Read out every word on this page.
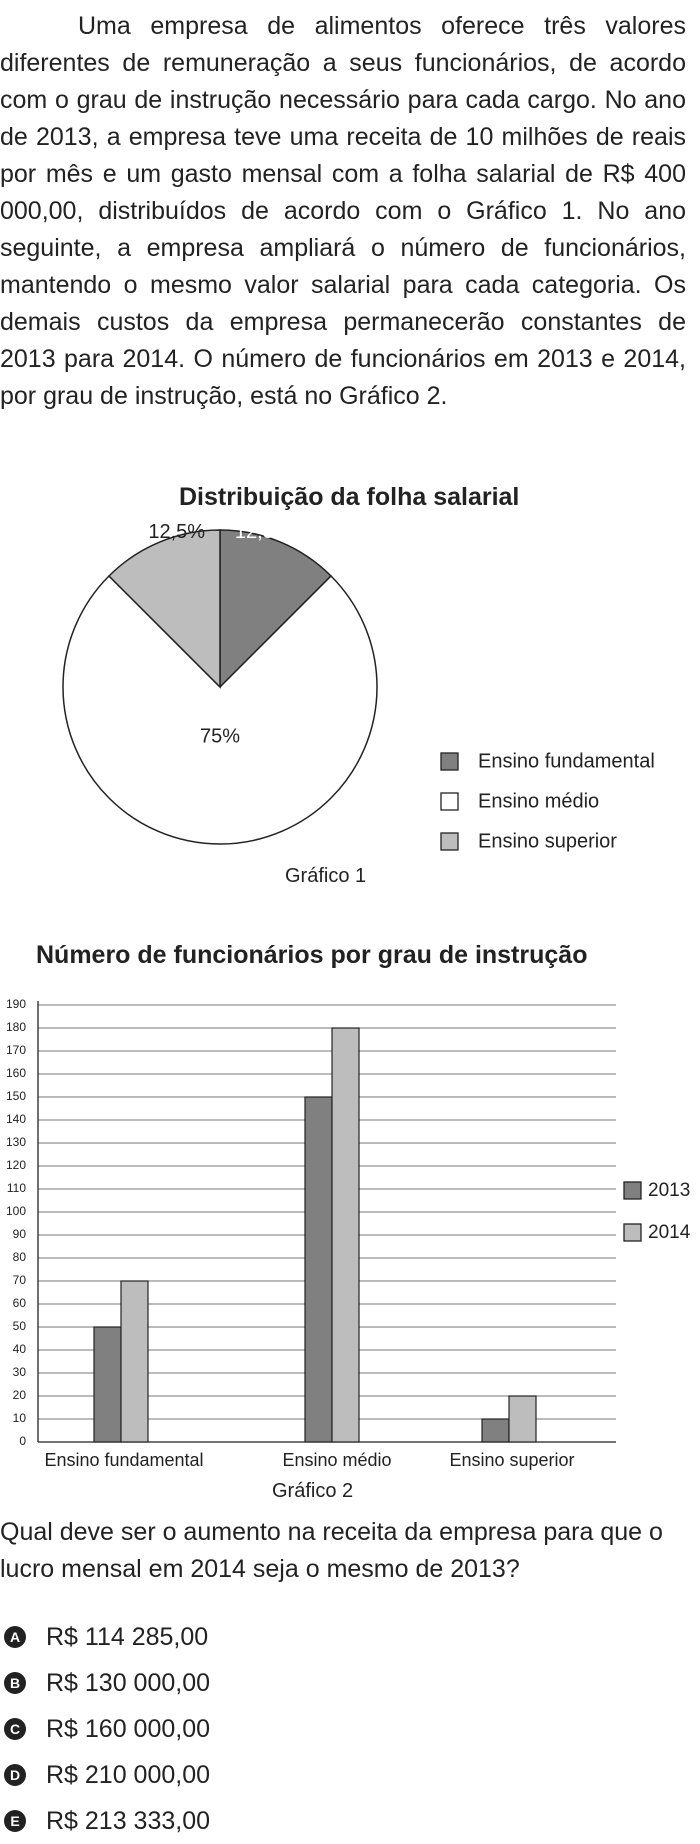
Uma empresa de alimentos oferece três valores diferentes de remuneração a seus funcionários, de acordo com o grau de instrução necessário para cada cargo. No ano de 2013, a empresa teve uma receita de 10 milhões de reais por mês e um gasto mensal com a folha salarial de R$ 400 000,00, distribuídos de acordo com o Gráfico 1. No ano seguinte, a empresa ampliará o número de funcionários, mantendo o mesmo valor salarial para cada categoria. Os demais custos da empresa permanecerão constantes de 2013 para 2014. O número de funcionários em 2013 e 2014, por grau de instrução, está no Gráfico 2.

Distribuição da folha salarial
12,5%
75%
12,5%
Ensino fundamental
Ensino médio
Ensino superior
Gráfico 1
Número de funcionários por grau de instrução
0
10
20
30
40
50
60
70
80
90
100
110
120
130
140
150
160
170
180
190
Ensino fundamental	Ensino médio	Ensino superior
2013
2014
Gráfico 2

Qual deve ser o aumento na receita da empresa para que o lucro mensal em 2014 seja o mesmo de 2013?

A R$ 114 285,00
B R$ 130 000,00
C R$ 160 000,00
D R$ 210 000,00
E R$ 213 333,00
